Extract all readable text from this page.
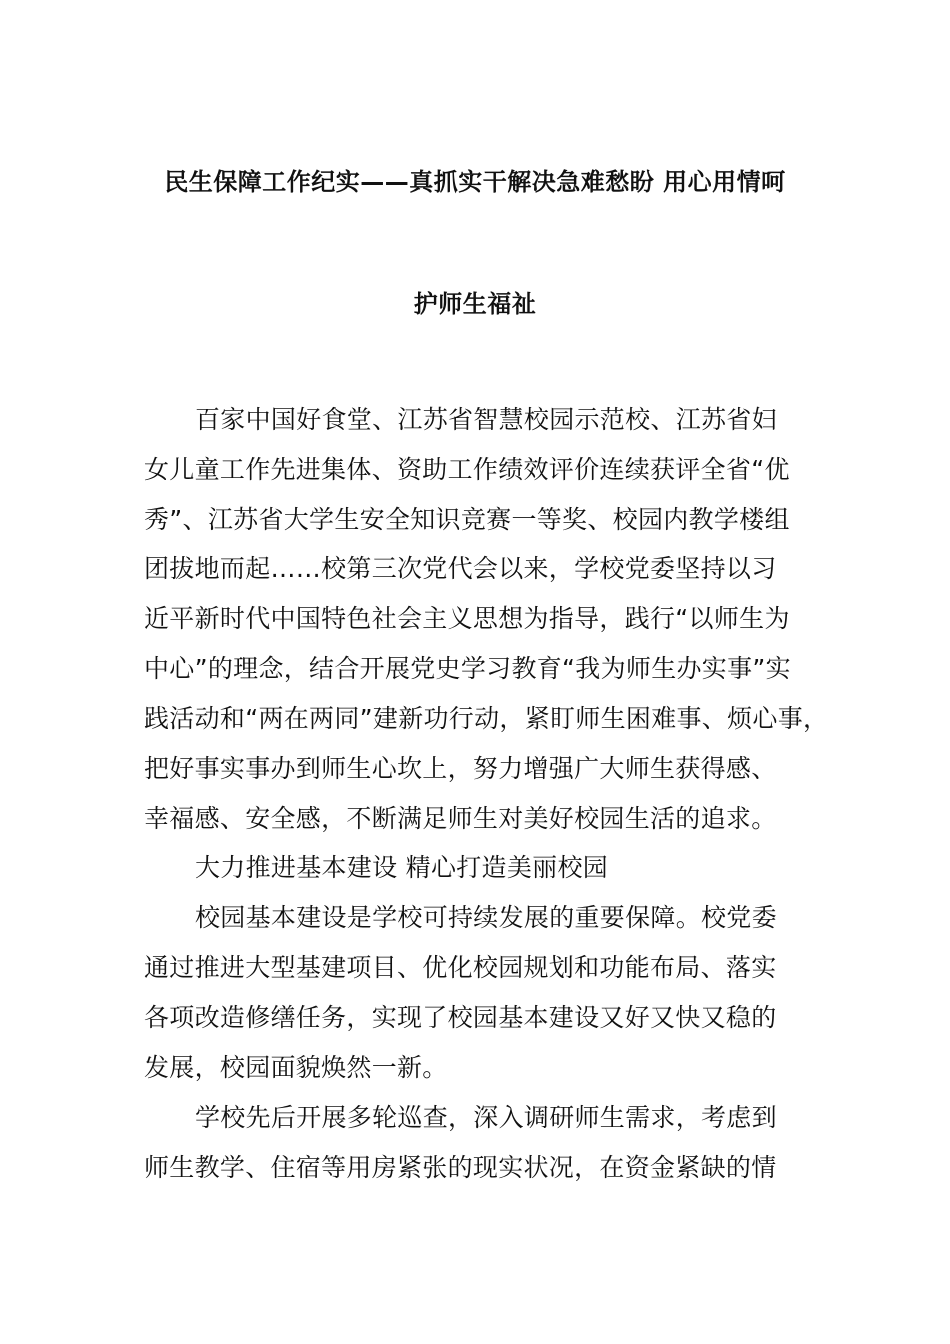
民生保障工作纪实——真抓实干解决急难愁盼 用心用情呵
护师生福祉
百家中国好食堂、江苏省智慧校园示范校、江苏省妇
女儿童工作先进集体、资助工作绩效评价连续获评全省“优
秀”、江苏省大学生安全知识竞赛一等奖、校园内教学楼组
团拔地而起……校第三次党代会以来，学校党委坚持以习
近平新时代中国特色社会主义思想为指导，践行“以师生为
中心”的理念，结合开展党史学习教育“我为师生办实事”实
践活动和“两在两同”建新功行动，紧盯师生困难事、烦心事，
把好事实事办到师生心坎上，努力增强广大师生获得感、
幸福感、安全感，不断满足师生对美好校园生活的追求。
大力推进基本建设 精心打造美丽校园
校园基本建设是学校可持续发展的重要保障。校党委
通过推进大型基建项目、优化校园规划和功能布局、落实
各项改造修缮任务，实现了校园基本建设又好又快又稳的
发展，校园面貌焕然一新。
学校先后开展多轮巡查，深入调研师生需求，考虑到
师生教学、住宿等用房紧张的现实状况，在资金紧缺的情
